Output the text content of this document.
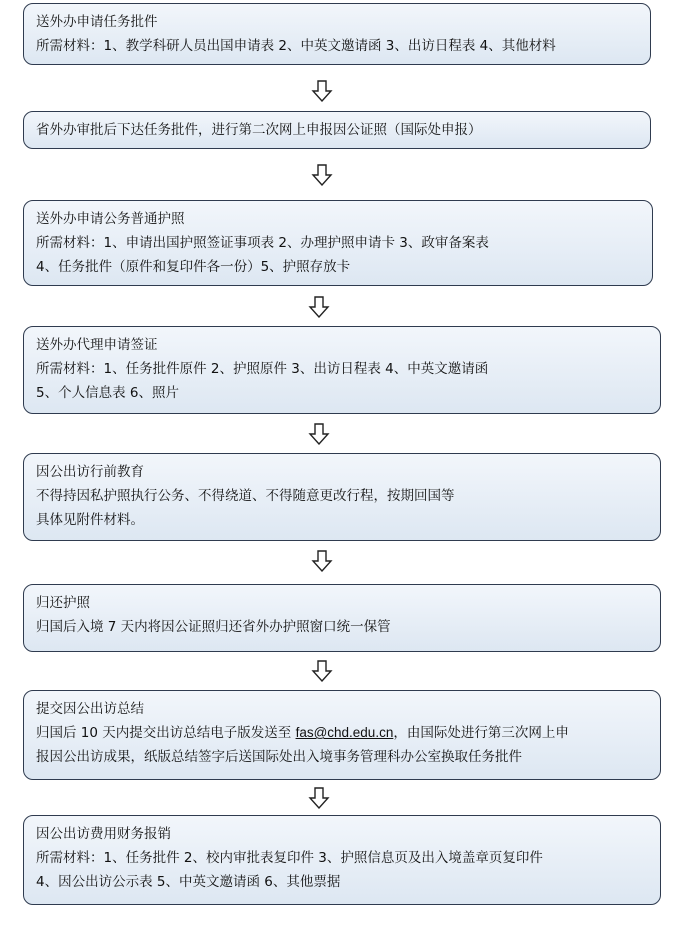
送外办申请任务批件
所需材料：1、教学科研人员出国申请表 2、中英文邀请函 3、出访日程表 4、其他材料
省外办审批后下达任务批件，进行第二次网上申报因公证照（国际处申报）
送外办申请公务普通护照
所需材料：1、申请出国护照签证事项表 2、办理护照申请卡 3、政审备案表
4、任务批件（原件和复印件各一份）5、护照存放卡
送外办代理申请签证
所需材料：1、任务批件原件 2、护照原件 3、出访日程表 4、中英文邀请函
5、个人信息表 6、照片
因公出访行前教育
不得持因私护照执行公务、不得绕道、不得随意更改行程，按期回国等
具体见附件材料。
归还护照
归国后入境 7 天内将因公证照归还省外办护照窗口统一保管
提交因公出访总结
归国后 10 天内提交出访总结电子版发送至 fas@chd.edu.cn，由国际处进行第三次网上申
报因公出访成果，纸版总结签字后送国际处出入境事务管理科办公室换取任务批件
因公出访费用财务报销
所需材料：1、任务批件 2、校内审批表复印件 3、护照信息页及出入境盖章页复印件
4、因公出访公示表 5、中英文邀请函 6、其他票据
